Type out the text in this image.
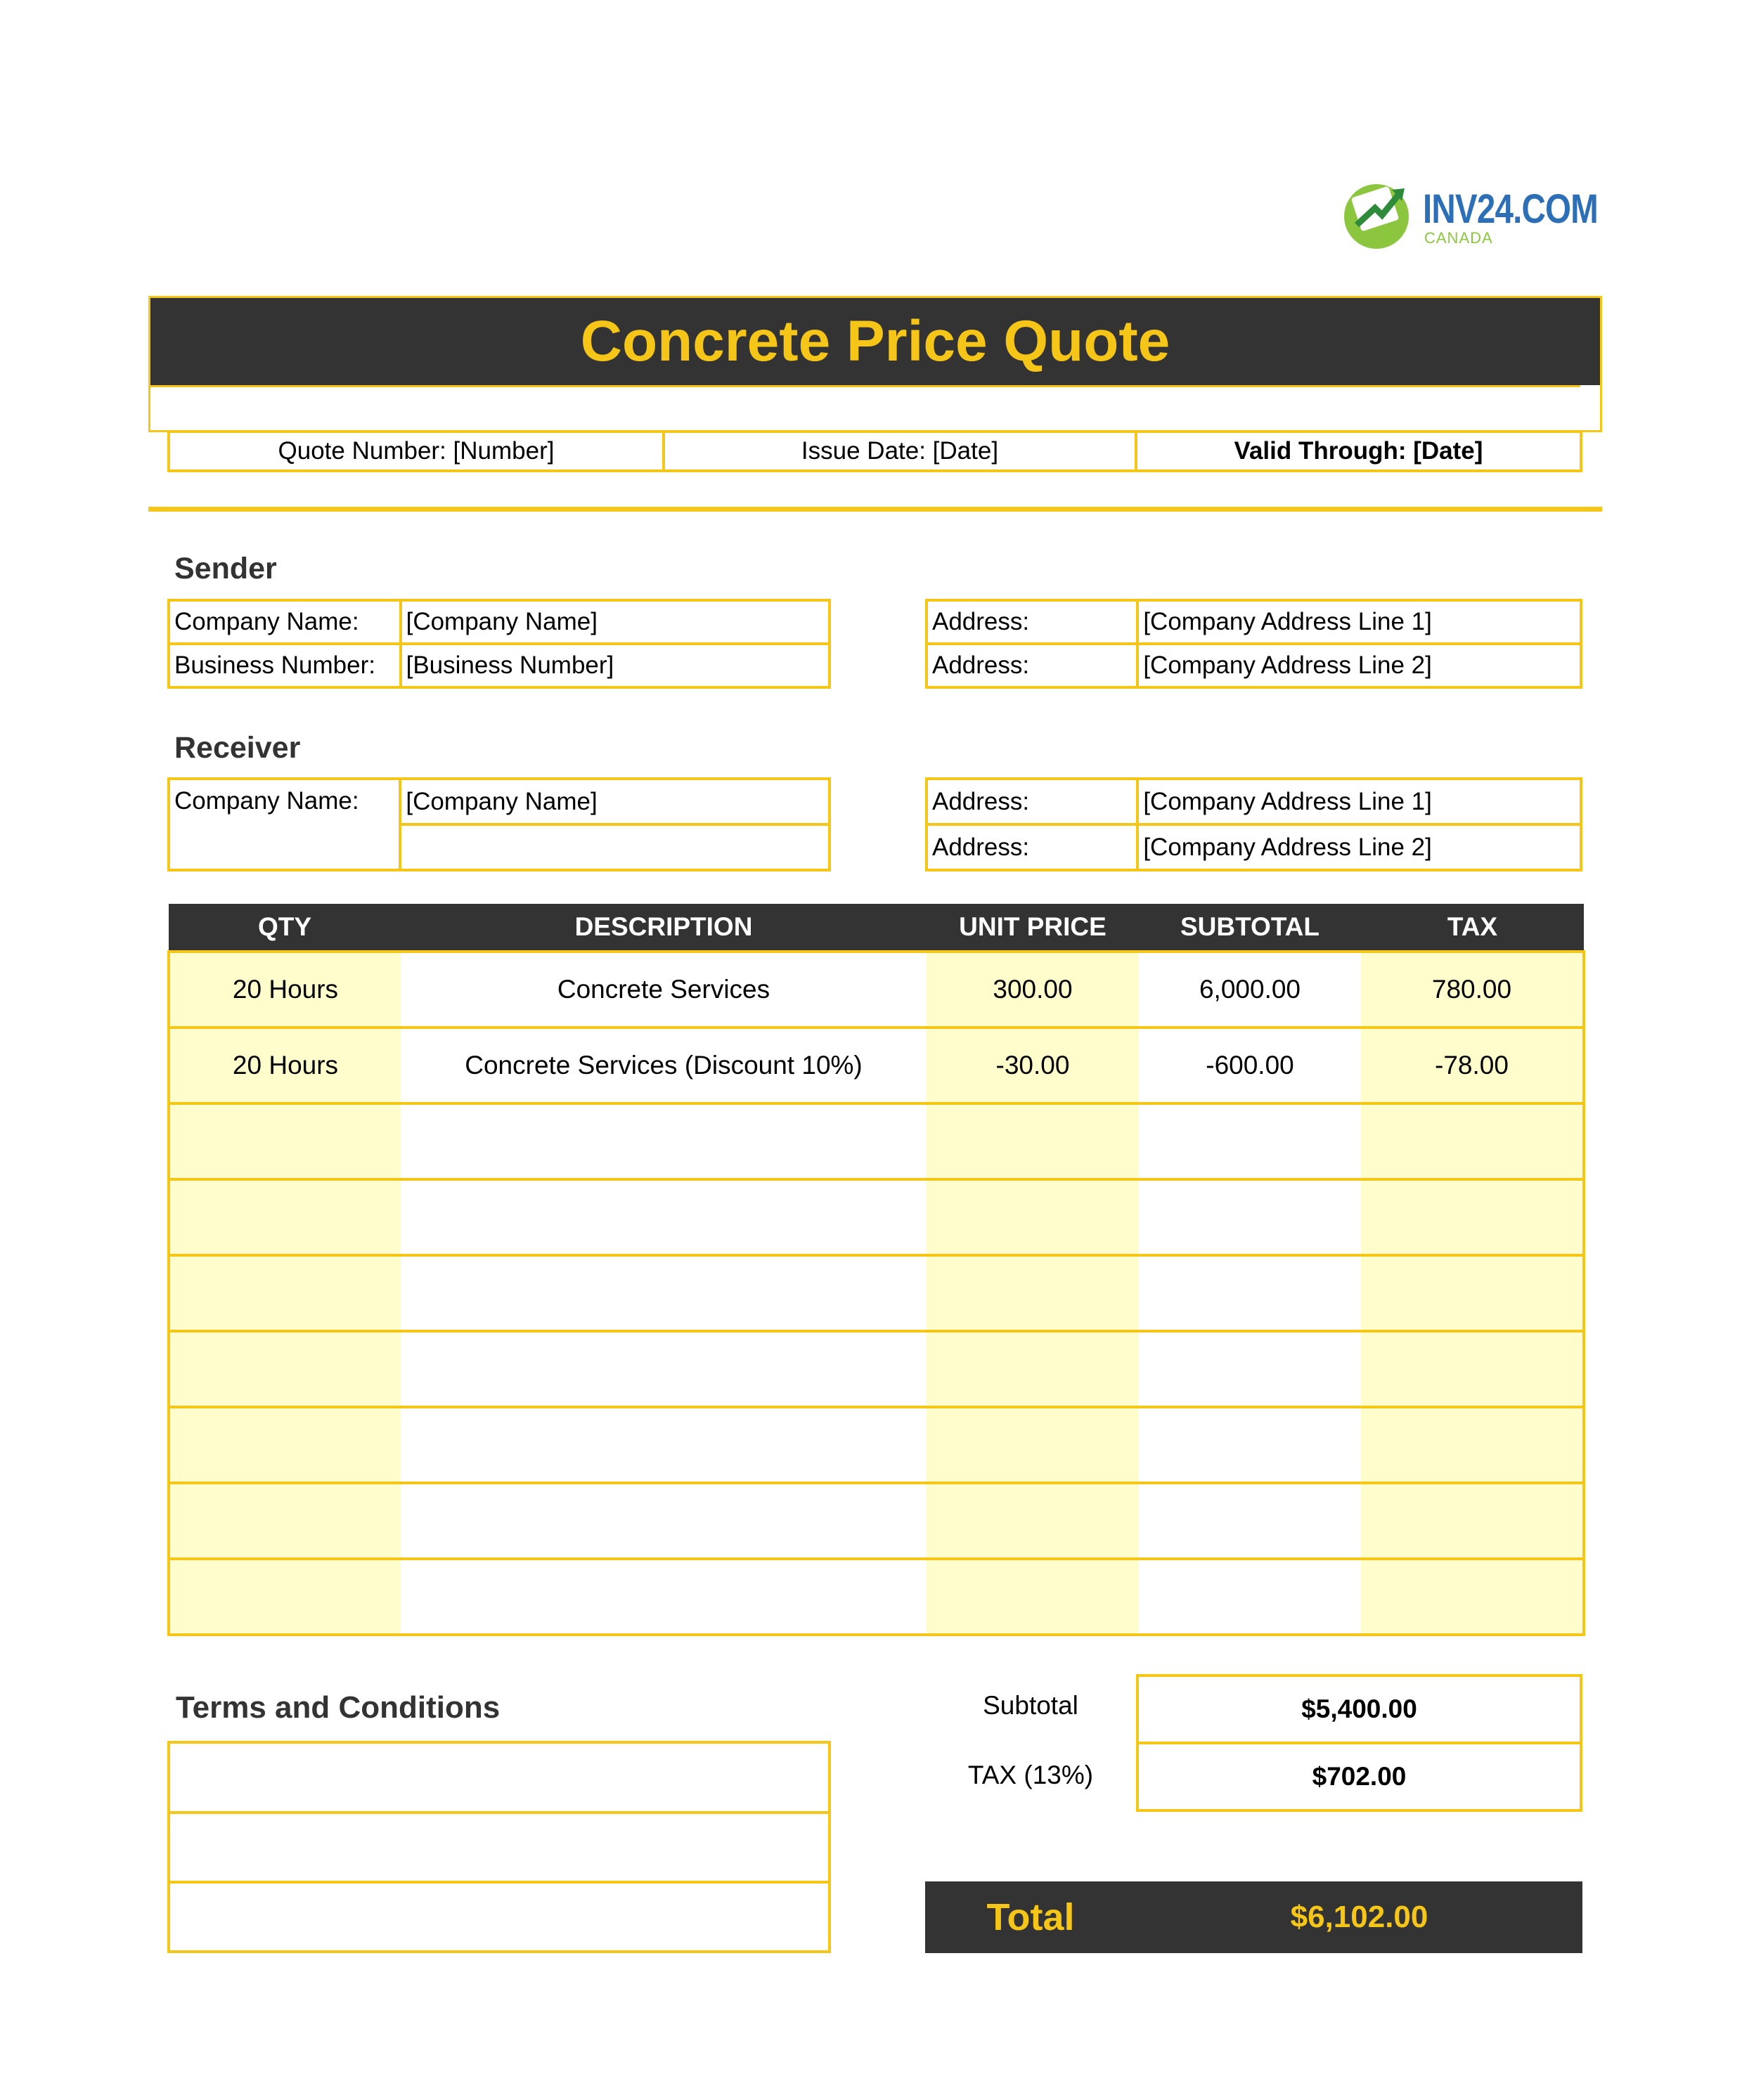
INV24.COM
CANADA
Concrete Price Quote
Quote Number: [Number]	Issue Date: [Date]	Valid Through: [Date]
Sender
Company Name:	[Company Name]
Business Number:	[Business Number]
Address:	[Company Address Line 1]
Address:	[Company Address Line 2]
Receiver
Company Name:	[Company Name]	Address:	[Company Address Line 1]
Address:	[Company Address Line 2]
QTY	DESCRIPTION	UNIT PRICE	SUBTOTAL	TAX
20 Hours	Concrete Services	300.00	6,000.00	780.00
20 Hours	Concrete Services (Discount 10%)	-30.00	-600.00	-78.00

Terms and Conditions	Subtotal	$5,400.00
TAX (13%)	$702.00
Total	$6,102.00
